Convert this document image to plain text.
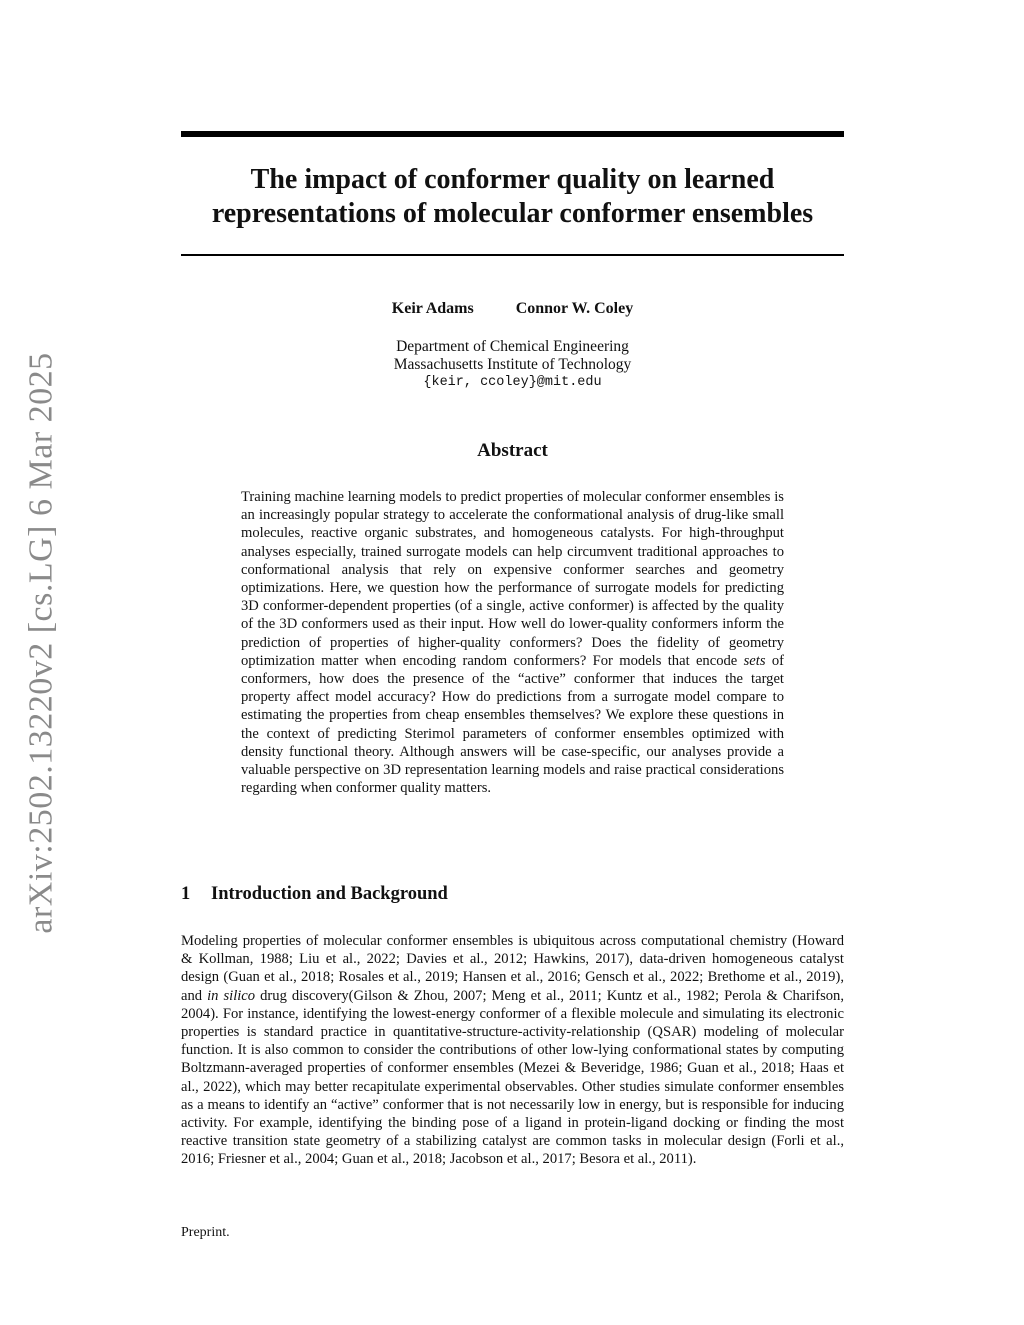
arXiv:2502.13220v2 [cs.LG] 6 Mar 2025
The impact of conformer quality on learned
representations of molecular conformer ensembles
Keir Adams	Connor W. Coley
Department of Chemical Engineering
Massachusetts Institute of Technology
{keir, ccoley}@mit.edu
Abstract
Training machine learning models to predict properties of molecular conformer ensembles is an increasingly popular strategy to accelerate the conformational analysis of drug-like small molecules, reactive organic substrates, and homogeneous catalysts. For high-throughput analyses especially, trained surrogate models can help circumvent traditional approaches to conformational analysis that rely on expensive conformer searches and geometry optimizations. Here, we question how the performance of surrogate models for predicting 3D conformer-dependent properties (of a single, active conformer) is affected by the quality of the 3D conformers used as their input. How well do lower-quality conformers inform the prediction of properties of higher-quality conformers? Does the fidelity of geometry optimization matter when encoding random conformers? For models that encode sets of conformers, how does the presence of the “active” conformer that induces the target property affect model accuracy? How do predictions from a surrogate model compare to estimating the properties from cheap ensembles themselves? We explore these questions in the context of predicting Sterimol parameters of conformer ensembles optimized with density functional theory. Although answers will be case-specific, our analyses provide a valuable perspective on 3D representation learning models and raise practical considerations regarding when conformer quality matters.
1 Introduction and Background
Modeling properties of molecular conformer ensembles is ubiquitous across computational chemistry (Howard & Kollman, 1988; Liu et al., 2022; Davies et al., 2012; Hawkins, 2017), data-driven homogeneous catalyst design (Guan et al., 2018; Rosales et al., 2019; Hansen et al., 2016; Gensch et al., 2022; Brethome et al., 2019), and in silico drug discovery(Gilson & Zhou, 2007; Meng et al., 2011; Kuntz et al., 1982; Perola & Charifson, 2004). For instance, identifying the lowest-energy conformer of a flexible molecule and simulating its electronic properties is standard practice in quantitative-structure-activity-relationship (QSAR) modeling of molecular function. It is also common to consider the contributions of other low-lying conformational states by computing Boltzmann-averaged properties of conformer ensembles (Mezei & Beveridge, 1986; Guan et al., 2018; Haas et al., 2022), which may better recapitulate experimental observables. Other studies simulate conformer ensembles as a means to identify an “active” conformer that is not necessarily low in energy, but is responsible for inducing activity. For example, identifying the binding pose of a ligand in protein-ligand docking or finding the most reactive transition state geometry of a stabilizing catalyst are common tasks in molecular design (Forli et al., 2016; Friesner et al., 2004; Guan et al., 2018; Jacobson et al., 2017; Besora et al., 2011).
Preprint.
